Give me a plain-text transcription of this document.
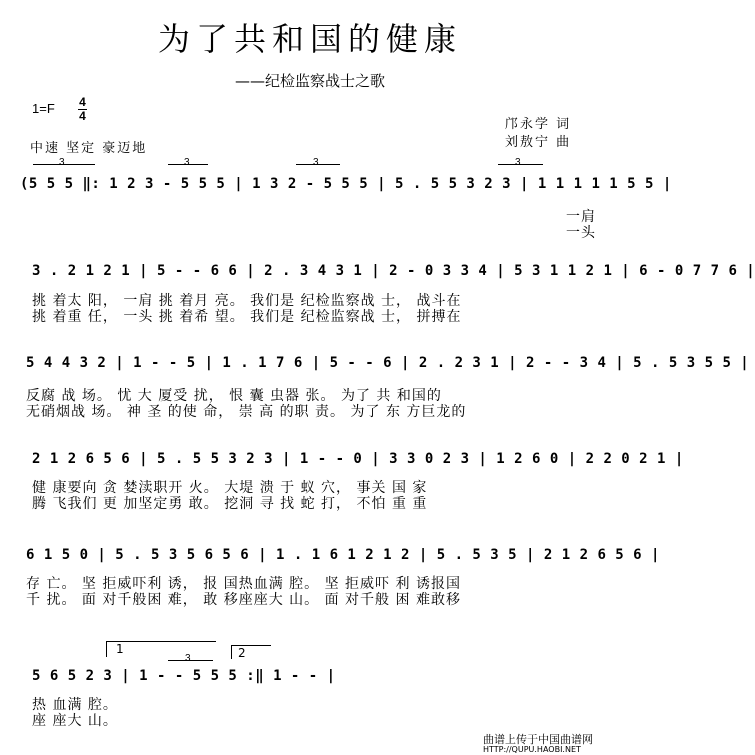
为了共和国的健康
——纪检监察战士之歌
1=F 4
4
中速 坚定 豪迈地
邝永学 词
刘敖宁 曲
3	3	3	3
(5 5 5 ‖: 1 2 3 - 5 5 5 | 1 3 2 - 5 5 5 | 5 . 5 5 3 2 3 | 1 1 1 1 1 5 5 |
一肩
一头
3 . 2 1 2 1 | 5 - - 6 6 | 2 . 3 4 3 1 | 2 - 0 3 3 4 | 5 3 1 1 2 1 | 6 - 0 7 7 6 |
挑 着太 阳， 一肩 挑 着月 亮。 我们是 纪检监察战 士， 战斗在
挑 着重 任， 一头 挑 着希 望。 我们是 纪检监察战 士， 拼搏在
5 4 4 3 2 | 1 - - 5 | 1 . 1 7 6 | 5 - - 6 | 2 . 2 3 1 | 2 - - 3 4 | 5 . 5 3 5 5 |
反腐 战 场。 忧 大 厦受 扰， 恨 囊 虫器 张。 为了 共 和国的
无硝烟战 场。 神 圣 的使 命， 崇 高 的职 责。 为了 东 方巨龙的
2 1 2 6 5 6 | 5 . 5 5 3 2 3 | 1 - - 0 | 3 3 0 2 3 | 1 2 6 0 | 2 2 0 2 1 |
健 康要向 贪 婪渎职开 火。 大堤 溃 于 蚁 穴， 事关 国 家
腾 飞我们 更 加坚定勇 敢。 挖洞 寻 找 蛇 打， 不怕 重 重
6 1 5 0 | 5 . 5 3 5 6 5 6 | 1 . 1 6 1 2 1 2 | 5 . 5 3 5 | 2 1 2 6 5 6 |
存 亡。 坚 拒威吓利 诱， 报 国热血满 腔。 坚 拒威吓 利 诱报国
千 扰。 面 对千般困 难， 敢 移座座大 山。 面 对千般 困 难敢移
1	2
3
5 6 5 2 3 | 1 - - 5 5 5 :‖ 1 - - |
热 血满 腔。
座 座大 山。
曲谱上传于中国曲谱网
HTTP://QUPU.HAOBI.NET
